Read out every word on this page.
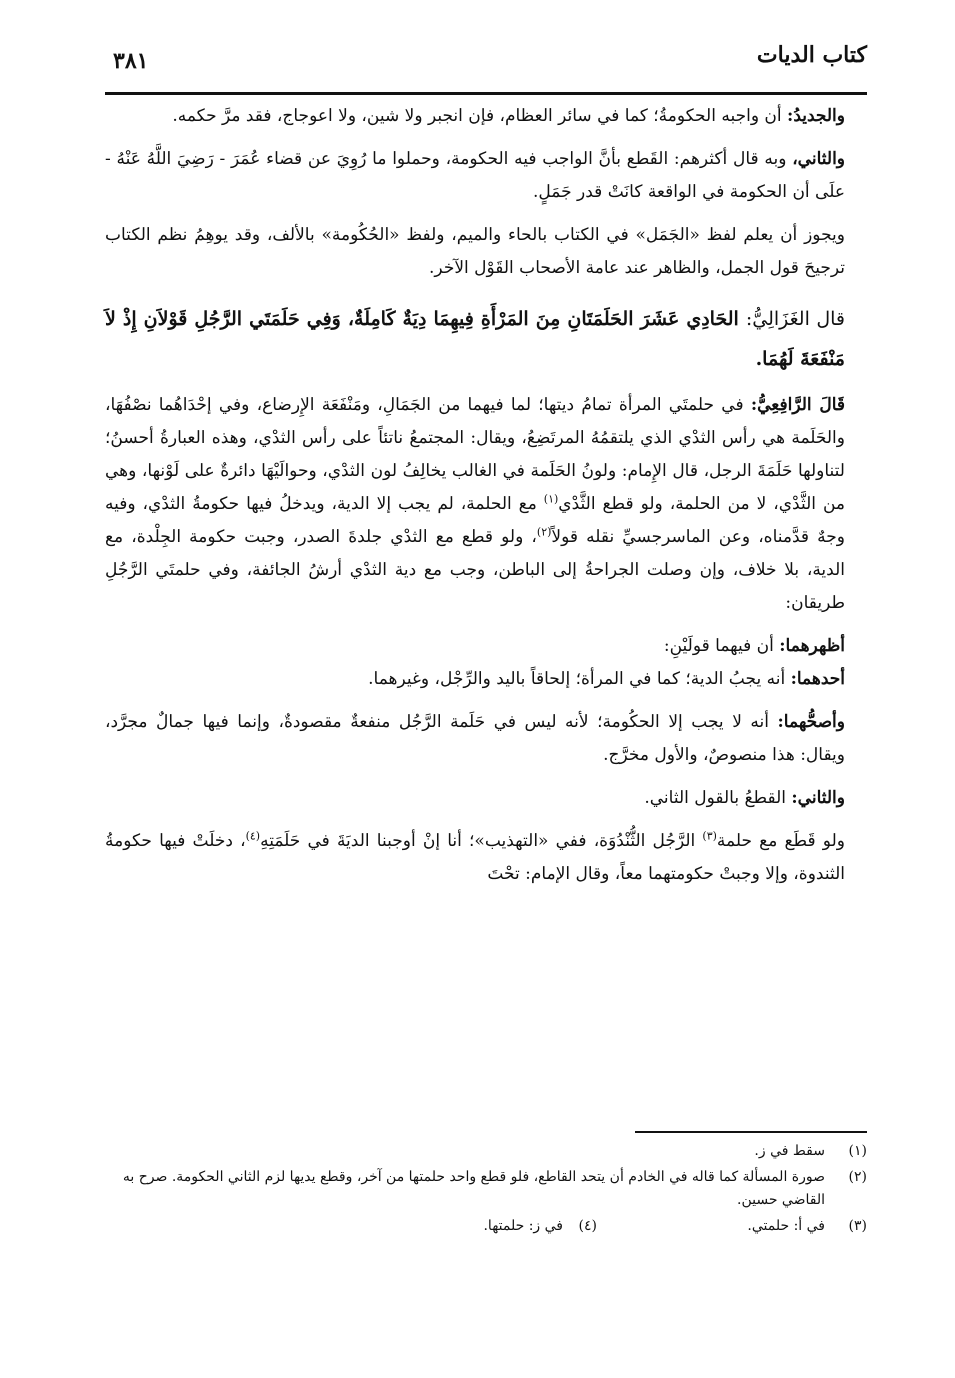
كتاب الديات
٣٨١

والجديدُ: أن واجبه الحكومةُ؛ كما في سائر العظام، فإن انجبر ولا شين، ولا اعوجاج، فقد مرَّ حكمه.

والثاني، وبه قال أكثرهم: القَطع بأنَّ الواجب فيه الحكومة، وحملوا ما رُوِيَ عن قضاء عُمَرَ - رَضِيَ اللَّهُ عَنْهُ - علَى أن الحكومة في الواقعة كانَتْ قدر جَمَلٍ.

ويجوز أن يعلم لفظ «الجَمَل» في الكتاب بالحاء والميم، ولفظ «الحُكُومة» بالألف، وقد يوهِمُ نظم الكتاب ترجيحَ قول الجمل، والظاهر عند عامة الأصحاب القَوْل الآخر.

قال الغَزَالِيُّ: الحَادِي عَشَرَ الحَلَمَتَانِ مِنَ المَرْأَةِ فِيهِمَا دِيَةٌ كَامِلَةٌ، وَفِي حَلَمَتَي الرَّجُلِ قَوْلاَنِ إِذْ لاَ مَنْفَعَةَ لَهُمَا.

قَالَ الرَّافِعِيُّ: في حلمتَي المرأة تمامُ ديتها؛ لما فيهما من الجَمَالِ، ومَنْفَعَة الإِرضاع، وفي إحْدَاهُما نصْفُهَا، والحَلَمة هي رأس الثدْي الذي يلتقمُهُ المرتَضِعُ، ويقال: المجتمعُ ناتئاً على رأس الثدْي، وهذه العبارةُ أحسنُ؛ لتناولها حَلَمَةَ الرجل، قال الإِمام: ولونُ الحَلَمة في الغالب يخالِفُ لون الثدْي، وحوالَيْهَا دائرةٌ على لَوْنها، وهي من الثَّدْي، لا من الحلمة، ولو قطع الثَّدْي$^{(١)}$ مع الحلمة، لم يجب إلا الدية، ويدخلُ فيها حكومةُ الثدْي، وفيه وجهٌ قدَّمناه، وعن الماسرجسيِّ نقله قولاً$^{(٢)}$، ولو قطع مع الثدْي جلدةَ الصدر، وجبت حكومة الجِلْدة، مع الدية، بلا خلاف، وإن وصلت الجراحةُ إلى الباطن، وجب مع دية الثدْي أرشُ الجائفة، وفي حلمتَي الرَّجُلِ طريقان:

أظهرهما: أن فيهما قولَيْنِ:

أحدهما: أنه يجبُ الدية؛ كما في المرأة؛ إلحاقاً باليد والرِّجْل، وغيرهما.

وأصحُّهما: أنه لا يجب إلا الحكُومة؛ لأنه ليس في حَلَمة الرَّجُل منفعةٌ مقصودةٌ، وإنما فيها جمالٌ مجرَّد، ويقال: هذا منصوصٌ، والأول مخرَّج.

والثاني: القطعُ بالقول الثاني.

ولو قَطَع مع حلمة$^{(٣)}$ الرَّجُل الثُّنْدُوَة، ففي «التهذيب»؛ أنا إنْ أوجبنا الديَةَ في حَلَمَتِهِ$^{(٤)}$، دخلَتْ فيها حكومةُ الثندوة، وإلا وجبتْ حكومتهما معاً، وقال الإمام: تحْتَ

(١)
سقط في ز.
(٢)
صورة المسألة كما قاله في الخادم أن يتحد القاطع، فلو قطع واحد حلمتها من آخر، وقطع يديها لزم الثاني الحكومة. صرح به القاضي حسين.
(٣)
في أ: حلمتي.
(٤)
في ز: حلمتها.
